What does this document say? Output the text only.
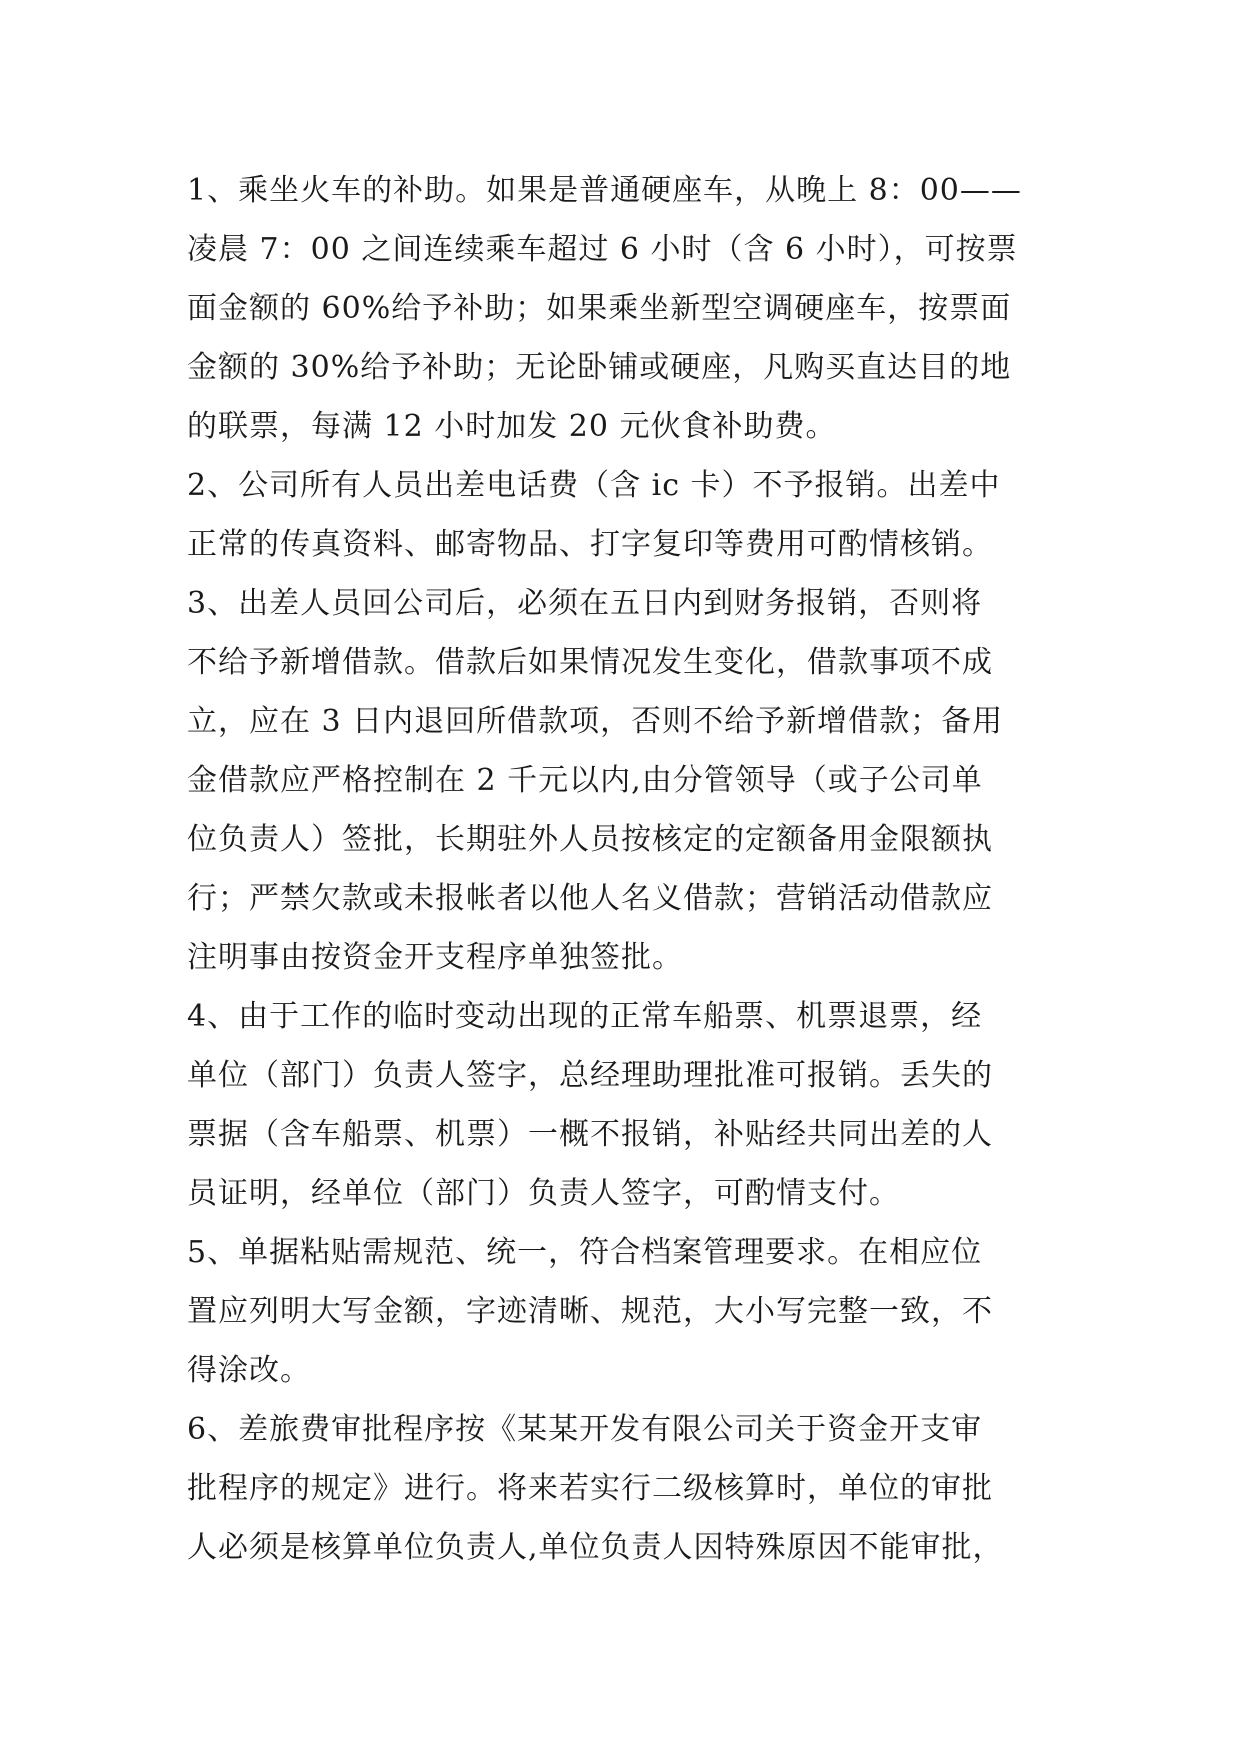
1、乘坐火车的补助。如果是普通硬座车，从晚上 8：00——
凌晨 7：00 之间连续乘车超过 6 小时（含 6 小时），可按票
面金额的 60%给予补助；如果乘坐新型空调硬座车，按票面
金额的 30%给予补助；无论卧铺或硬座，凡购买直达目的地
的联票，每满 12 小时加发 20 元伙食补助费。
2、公司所有人员出差电话费（含 ic 卡）不予报销。出差中
正常的传真资料、邮寄物品、打字复印等费用可酌情核销。
3、出差人员回公司后，必须在五日内到财务报销，否则将
不给予新增借款。借款后如果情况发生变化，借款事项不成
立，应在 3 日内退回所借款项，否则不给予新增借款；备用
金借款应严格控制在 2 千元以内,由分管领导（或子公司单
位负责人）签批，长期驻外人员按核定的定额备用金限额执
行；严禁欠款或未报帐者以他人名义借款；营销活动借款应
注明事由按资金开支程序单独签批。
4、由于工作的临时变动出现的正常车船票、机票退票，经
单位（部门）负责人签字，总经理助理批准可报销。丢失的
票据（含车船票、机票）一概不报销，补贴经共同出差的人
员证明，经单位（部门）负责人签字，可酌情支付。
5、单据粘贴需规范、统一，符合档案管理要求。在相应位
置应列明大写金额，字迹清晰、规范，大小写完整一致，不
得涂改。
6、差旅费审批程序按《某某开发有限公司关于资金开支审
批程序的规定》进行。将来若实行二级核算时，单位的审批
人必须是核算单位负责人,单位负责人因特殊原因不能审批，
